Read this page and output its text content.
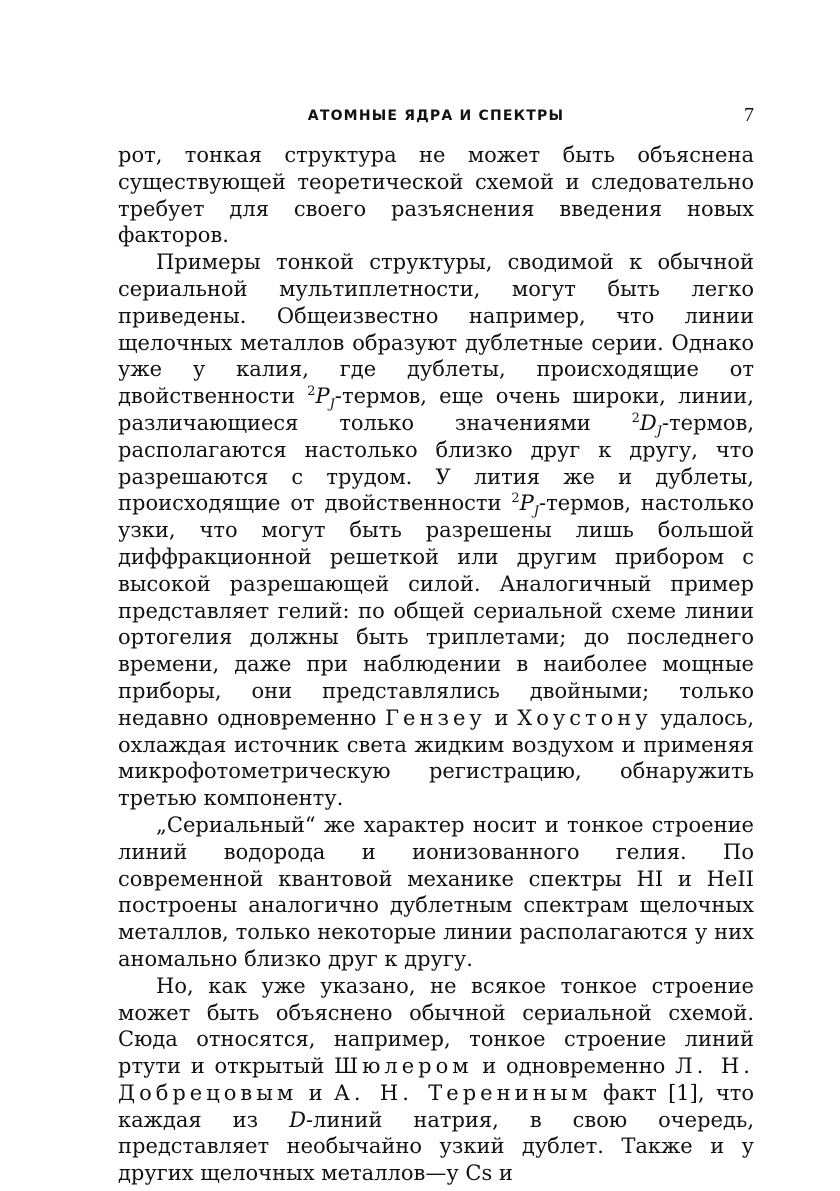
АТОМНЫЕ ЯДРА И СПЕКТРЫ	7

рот, тонкая структура не может быть объяснена существующей теоретической схемой и следовательно требует для своего разъяснения введения новых факторов.

Примеры тонкой структуры, сводимой к обычной сериальной мультиплетности, могут быть легко приведены. Общеизвестно например, что линии щелочных металлов образуют дублетные серии. Однако уже у калия, где дублеты, происходящие от двойственности $^2P_J$-термов, еще очень широки, линии, различающиеся только значениями $^2D_J$-термов, располагаются настолько близко друг к другу, что разрешаются с трудом. У лития же и дублеты, происходящие от двойственности $^2P_J$-термов, настолько узки, что могут быть разрешены лишь большой диффракционной решеткой или другим прибором с высокой разрешающей силой. Аналогичный пример представляет гелий: по общей сериальной схеме линии ортогелия должны быть триплетами; до последнего времени, даже при наблюдении в наиболее мощные приборы, они представлялись двойными; только недавно одновременно Гензеу и Хоустону удалось, охлаждая источник света жидким воздухом и применяя микрофотометрическую регистрацию, обнаружить третью компоненту.

„Сериальный“ же характер носит и тонкое строение линий водорода и ионизованного гелия. По современной квантовой механике спектры HI и HeII построены аналогично дублетным спектрам щелочных металлов, только некоторые линии располагаются у них аномально близко друг к другу.

Но, как уже указано, не всякое тонкое строение может быть объяснено обычной сериальной схемой. Сюда относятся, например, тонкое строение линий ртути и открытый Шюлером и одновременно Л. Н. Добрецовым и А. Н. Терениным факт [1], что каждая из D-линий натрия, в свою очередь, представляет необычайно узкий дублет. Также и у других щелочных металлов—у Cs и
